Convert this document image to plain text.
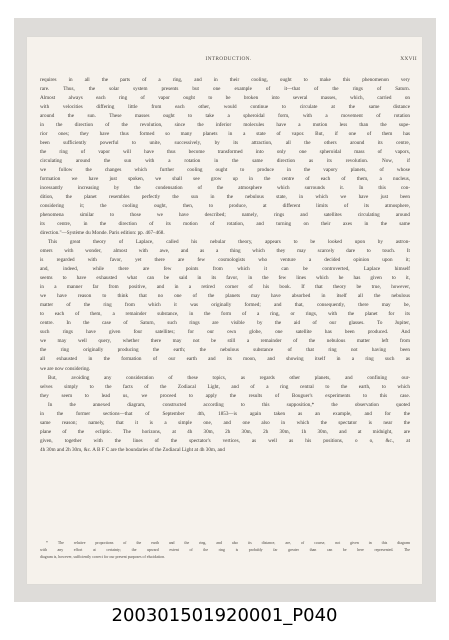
INTRODUCTION.	XXVII
requires in all the parts of a ring, and in their cooling, ought to make this phenomenon very
rare. Thus, the solar system presents but one example of it—that of the rings of Saturn.
Almost always each ring of vapor ought to be broken into several masses, which, carried on
with velocities differing little from each other, would continue to circulate at the same distance
around the sun. These masses ought to take a spheroidal form, with a movement of rotation
in the direction of the revolution, since the inferior molecules have a motion less than the supe-
rior ones; they have thus formed so many planets in a state of vapor. But, if one of them has
been sufficiently powerful to unite, successively, by its attraction, all the others around its centre,
the ring of vapor will have thus become transformed into only one spheroidal mass of vapors,
circulating around the sun with a rotation in the same direction as its revolution. Now, if
we follow the changes which further cooling ought to produce in the vapory planets, of whose
formation we have just spoken, we shall see grow up in the centre of each of them, a nucleus,
incessantly increasing by the condensation of the atmosphere which surrounds it. In this con-
dition, the planet resembles perfectly the sun in the nebulous state, in which we have just been
considering it; the cooling ought, then, to produce, at different limits of its atmosphere,
phenomena similar to those we have described; namely, rings and satellites circulating around
its centre, in the direction of its motion of rotation, and turning on their axes in the same
direction."—Système du Monde. Paris edition: pp. 467–468.
This great theory of Laplace, called his nebular theory, appears to be looked upon by astron-
omers with wonder, almost with awe, and as a thing which they may scarcely dare to touch. It
is regarded with favor, yet there are few cosmologists who venture a decided opinion upon it;
and, indeed, while there are few points from which it can be controverted, Laplace himself
seems to have exhausted what can be said in its favor, in the few lines which he has given to it,
in a manner far from positive, and in a retired corner of his book. If that theory be true, however,
we have reason to think that no one of the planets may have absorbed in itself all the nebulous
matter of the ring from which it was originally formed; and that, consequently, there may be,
to each of them, a remainder substance, in the form of a ring, or rings, with the planet for its
centre. In the case of Saturn, such rings are visible by the aid of our glasses. To Jupiter,
such rings have given four satellites; for our own globe, one satellite has been produced. And
we may well query, whether there may not be still a remainder of the nebulous matter left from
the ring originally producing the earth; the nebulous substance of that ring not having been
all exhausted in the formation of our earth and its moon, and showing itself in a ring such as
we are now considering.
But, avoiding any consideration of these topics, as regards other planets, and confining our-
selves simply to the facts of the Zodiacal Light, and of a ring central to the earth, to which
they seem to lead us, we proceed to apply the results of Bouguer's experiments to this case.
In the annexed diagram, constructed according to this supposition,* the observation quoted
in the former sections—that of September 4th, 1853—is again taken as an example, and for the
same reason; namely, that it is a simple one, and one also in which the spectator is near the
plane of the ecliptic. The horizons, at 4h 30m, 2h 30m, 2h 30m, 1h 30m, and at midnight, are
given, together with the lines of the spectator's vertices, as well as his positions, o o, &c., at
4h 30m and 2h 30m, &c. A B F C are the boundaries of the Zodiacal Light at 4h 30m, and
* The relative proportions of the earth and the ring, and also its distance, are, of course, not given in this diagram
with any effort at certainty; the upward extent of the ring is probably far greater than can be here represented. The
diagram is, however, sufficiently correct for our present purposes of elucidation.
200301501920001_P040
